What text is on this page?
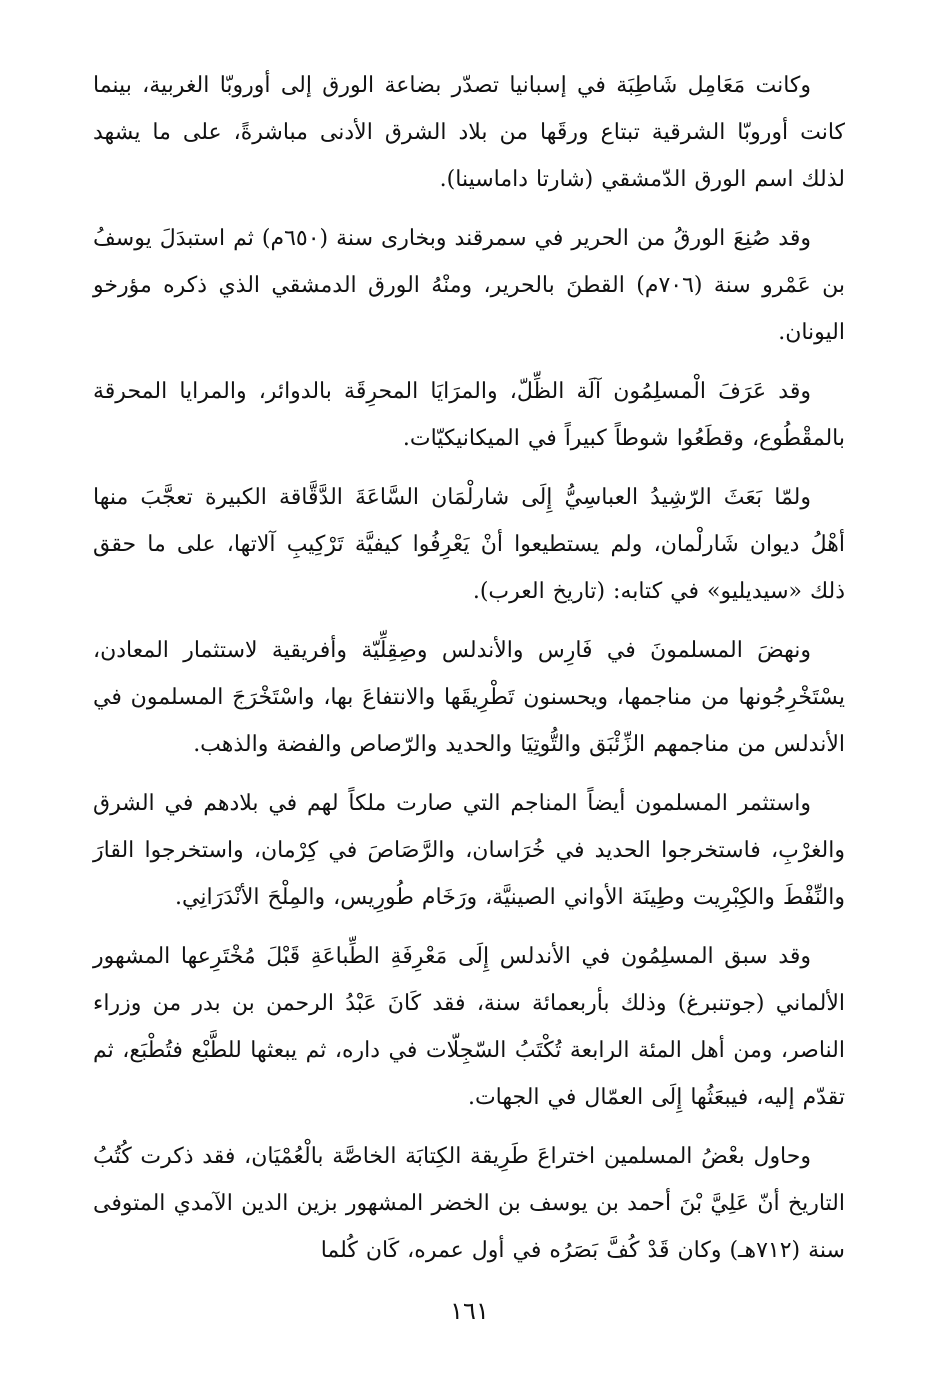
وكانت مَعَامِل شَاطِبَة في إسبانيا تصدّر بضاعة الورق إلى أوروبّا الغربية، بينما كانت أوروبّا الشرقية تبتاع ورقَها من بلاد الشرق الأدنى مباشرةً، على ما يشهد لذلك اسم الورق الدّمشقي (شارتا داماسينا).

وقد صُنِعَ الورقُ من الحرير في سمرقند وبخارى سنة (٦٥٠م) ثم استبدَلَ يوسفُ بن عَمْرو سنة (٧٠٦م) القطنَ بالحرير، ومنْهُ الورق الدمشقي الذي ذكره مؤرخو اليونان.

وقد عَرَفَ الْمسلِمُون آلَة الظِّلّ، والمرَايَا المحرِقَة بالدوائر، والمرايا المحرقة بالمقْطُوع، وقطَعُوا شوطاً كبيراً في الميكانيكيّات.

ولمّا بَعَثَ الرّشِيدُ العباسِيُّ إِلَى شارلْمَان السَّاعَةَ الدَّقَّاقة الكبيرة تعجَّبَ منها أهْلُ ديوان شَارلْمان، ولم يستطيعوا أنْ يَعْرِفُوا كيفيَّة تَرْكِيبِ آلاتها، على ما حقق ذلك «سيديليو» في كتابه: (تاريخ العرب).

ونهضَ المسلمونَ في فَارِس والأندلس وصِقِلِّيّة وأفريقية لاستثمار المعادن، يسْتَخْرِجُونها من مناجمها، ويحسنون تَطْرِيقَها والانتفاعَ بها، واسْتَخْرَجَ المسلمون في الأندلس من مناجمهم الزِّئْبَق والتُّوتِيَا والحديد والرّصاص والفضة والذهب.

واستثمر المسلمون أيضاً المناجم التي صارت ملكاً لهم في بلادهم في الشرق والغرْبِ، فاستخرجوا الحديد في خُرَاسان، والرَّصَاصَ في كِرْمان، واستخرجوا القارَ والنِّفْطَ والكِبْرِيت وطِينَة الأواني الصينيَّة، ورَخَام طُورِيس، والمِلْحَ الأنْدَرَانِي.

وقد سبق المسلِمُون في الأندلس إِلَى مَعْرِفَةِ الطِّباعَةِ قَبْلَ مُخْتَرِعها المشهور الألماني (جوتنبرغ) وذلك بأربعمائة سنة، فقد كَانَ عَبْدُ الرحمن بن بدر من وزراء الناصر، ومن أهل المئة الرابعة تُكْتَبُ السّجِلّات في داره، ثم يبعثها للطَّبْع فتُطْبَع، ثم تقدّم إليه، فيبعَثُها إِلَى العمّال في الجهات.

وحاول بعْضُ المسلمين اختراعَ طَرِيقة الكِتابَة الخاصَّة بالْعُمْيَان، فقد ذكرت كُتُبُ التاريخ أنّ عَلِيَّ بْنَ أحمد بن يوسف بن الخضر المشهور بزين الدين الآمدي المتوفى سنة (٧١٢هـ) وكان قَدْ كُفَّ بَصَرُه في أول عمره، كَان كُلما

١٦١
